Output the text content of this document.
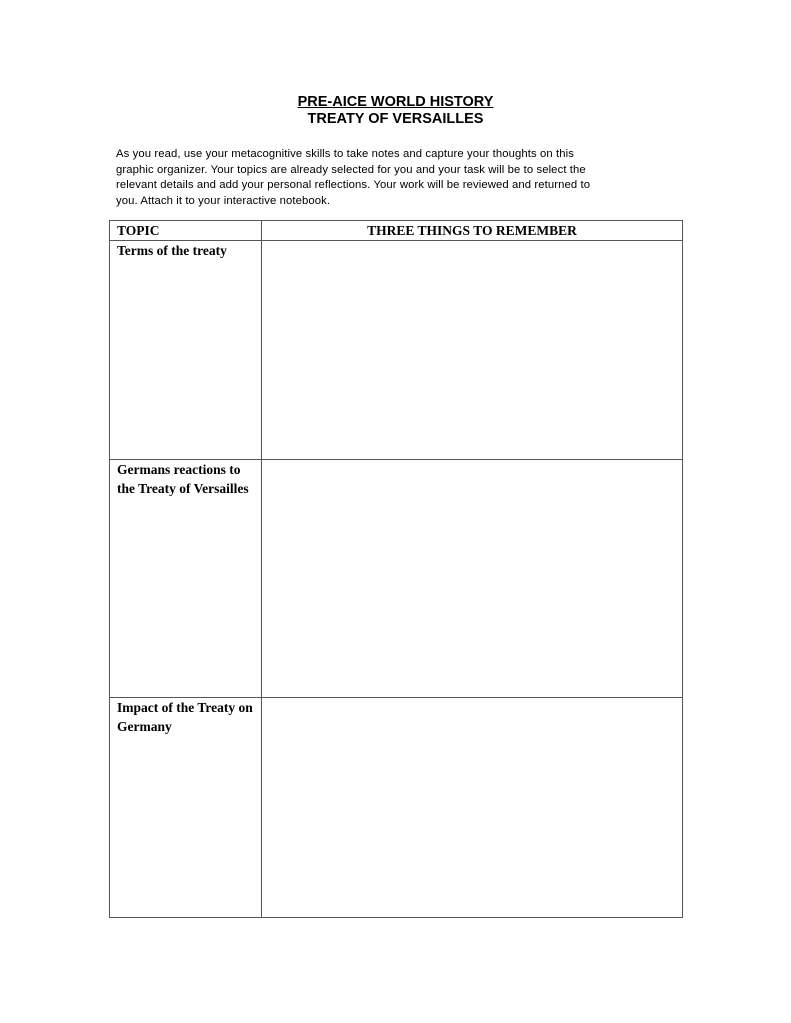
PRE-AICE WORLD HISTORY
TREATY OF VERSAILLES
As you read, use your metacognitive skills to take notes and capture your thoughts on this
graphic organizer. Your topics are already selected for you and your task will be to select the
relevant details and add your personal reflections. Your work will be reviewed and returned to
you. Attach it to your interactive notebook.
TOPIC	THREE THINGS TO REMEMBER
Terms of the treaty	
Germans reactions to the Treaty of Versailles	
Impact of the Treaty on Germany	
